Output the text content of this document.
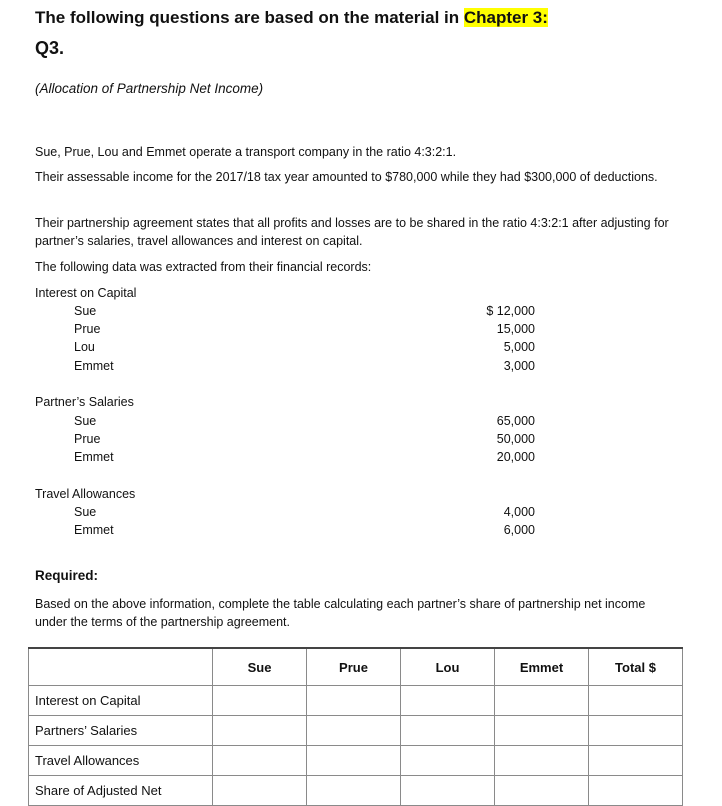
The following questions are based on the material in Chapter 3:
Q3.
(Allocation of Partnership Net Income)
Sue, Prue, Lou and Emmet operate a transport company in the ratio 4:3:2:1.
Their assessable income for the 2017/18 tax year amounted to $780,000 while they had $300,000 of deductions.
Their partnership agreement states that all profits and losses are to be shared in the ratio 4:3:2:1 after adjusting for partner’s salaries, travel allowances and interest on capital.
The following data was extracted from their financial records:
Interest on Capital
Sue	$ 12,000
Prue	15,000
Lou	5,000
Emmet	3,000
Partner’s Salaries
Sue	65,000
Prue	50,000
Emmet	20,000
Travel Allowances
Sue	4,000
Emmet	6,000
Required:
Based on the above information, complete the table calculating each partner’s share of partnership net income under the terms of the partnership agreement.
	Sue	Prue	Lou	Emmet	Total $
Interest on Capital					
Partners’ Salaries					
Travel Allowances					
Share of Adjusted Net					
